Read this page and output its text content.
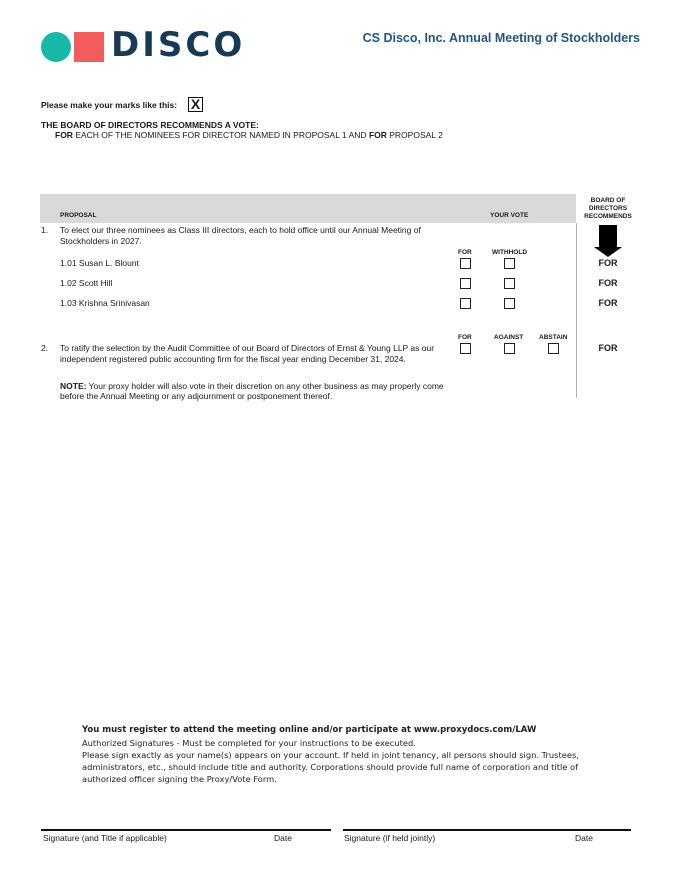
DISCO	CS Disco, Inc. Annual Meeting of Stockholders
Please make your marks like this: X
THE BOARD OF DIRECTORS RECOMMENDS A VOTE:
FOR EACH OF THE NOMINEES FOR DIRECTOR NAMED IN PROPOSAL 1 AND FOR PROPOSAL 2
PROPOSAL	YOUR VOTE
BOARD OF DIRECTORS RECOMMENDS
1. To elect our three nominees as Class III directors, each to hold office until our Annual Meeting of Stockholders in 2027.
FOR	WITHHOLD
1.01 Susan L. Blount	FOR
1.02 Scott Hill	FOR
1.03 Krishna Srinivasan	FOR
FOR	AGAINST ABSTAIN
2. To ratify the selection by the Audit Committee of our Board of Directors of Ernst & Young LLP as our independent registered public accounting firm for the fiscal year ending December 31, 2024.
FOR
NOTE: Your proxy holder will also vote in their discretion on any other business as may properly come before the Annual Meeting or any adjournment or postponement thereof.
You must register to attend the meeting online and/or participate at www.proxydocs.com/LAW
Authorized Signatures - Must be completed for your instructions to be executed.
Please sign exactly as your name(s) appears on your account. If held in joint tenancy, all persons should sign. Trustees, administrators, etc., should include title and authority. Corporations should provide full name of corporation and title of authorized officer signing the Proxy/Vote Form.
Signature (and Title if applicable)	Date	Signature (if held jointly)	Date
